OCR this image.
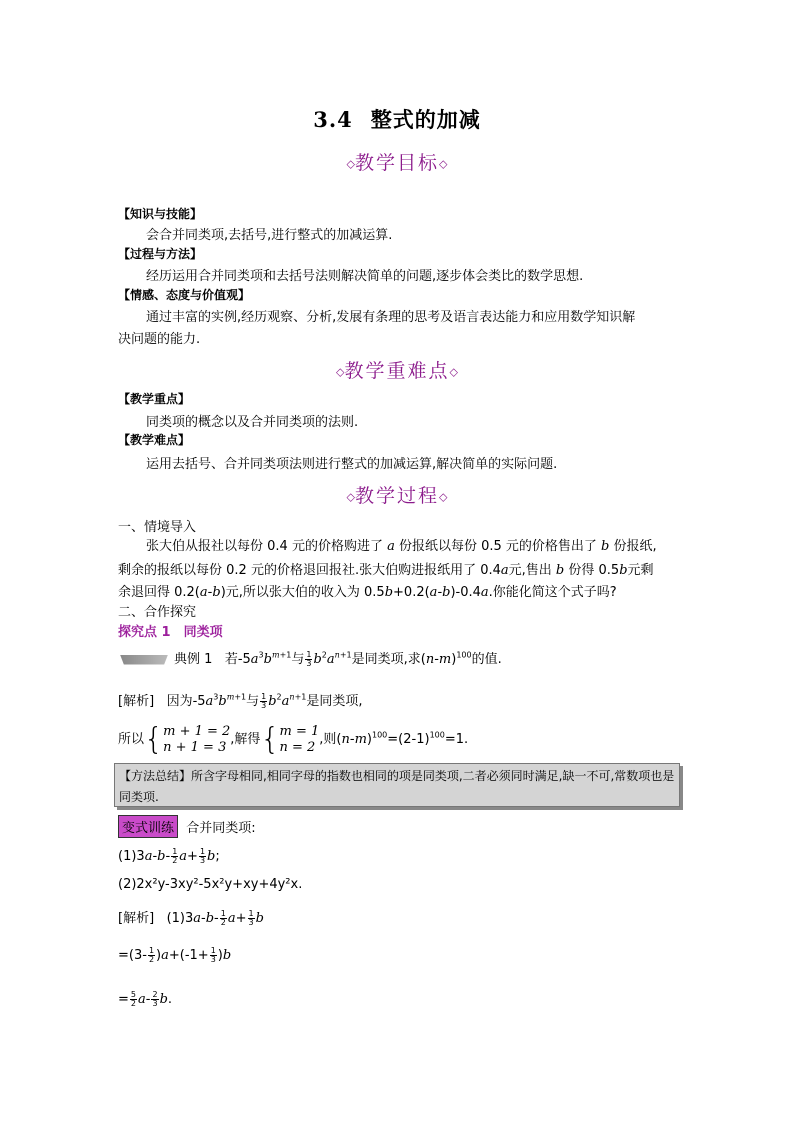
3.4 整式的加减
◇教学目标◇
【知识与技能】
会合并同类项,去括号,进行整式的加减运算.
【过程与方法】
经历运用合并同类项和去括号法则解决简单的问题,逐步体会类比的数学思想.
【情感、态度与价值观】
通过丰富的实例,经历观察、分析,发展有条理的思考及语言表达能力和应用数学知识解
决问题的能力.
◇教学重难点◇
【教学重点】
同类项的概念以及合并同类项的法则.
【教学难点】
运用去括号、合并同类项法则进行整式的加减运算,解决简单的实际问题.
◇教学过程◇
一、情境导入
张大伯从报社以每份 0.4 元的价格购进了 a 份报纸以每份 0.5 元的价格售出了 b 份报纸,
剩余的报纸以每份 0.2 元的价格退回报社.张大伯购进报纸用了 0.4a元,售出 b 份得 0.5b元剩
余退回得 0.2(a-b)元,所以张大伯的收入为 0.5b+0.2(a-b)-0.4a.你能化简这个式子吗?
二、合作探究
探究点 1　同类项
典例 1 若$-5a^3b^{m+1}$与 $\frac{1}{3} b^2a^{n+1}$是同类项,求$(n-m)^{100}$的值.
[解析] 因为$-5a^3b^{m+1}$与 $\frac{1}{3} b^2a^{n+1}$是同类项,
所以{m + 1 = 2
n + 1 = 3 ,解得{m = 1
n = 2 ,则$(n-m)^{100}=(2-1)^{100}=1$.
【方法总结】所含字母相同,相同字母的指数也相同的项是同类项,二者必须同时满足,缺一不可,常数项也是同类项.
变式训练 合并同类项:
$(1)3a-b- \frac{1}{2} a+ \frac{1}{3} b$;
(2)2x²y-3xy²-5x²y+xy+4y²x.
[解析] $(1)3a-b- \frac{1}{2} a+ \frac{1}{3}$ b
$=(3- \frac{1}{2} )a+(-1+ \frac{1}{3} )b$
= $\frac{5}{2} a- \frac{2}{3} b$.
